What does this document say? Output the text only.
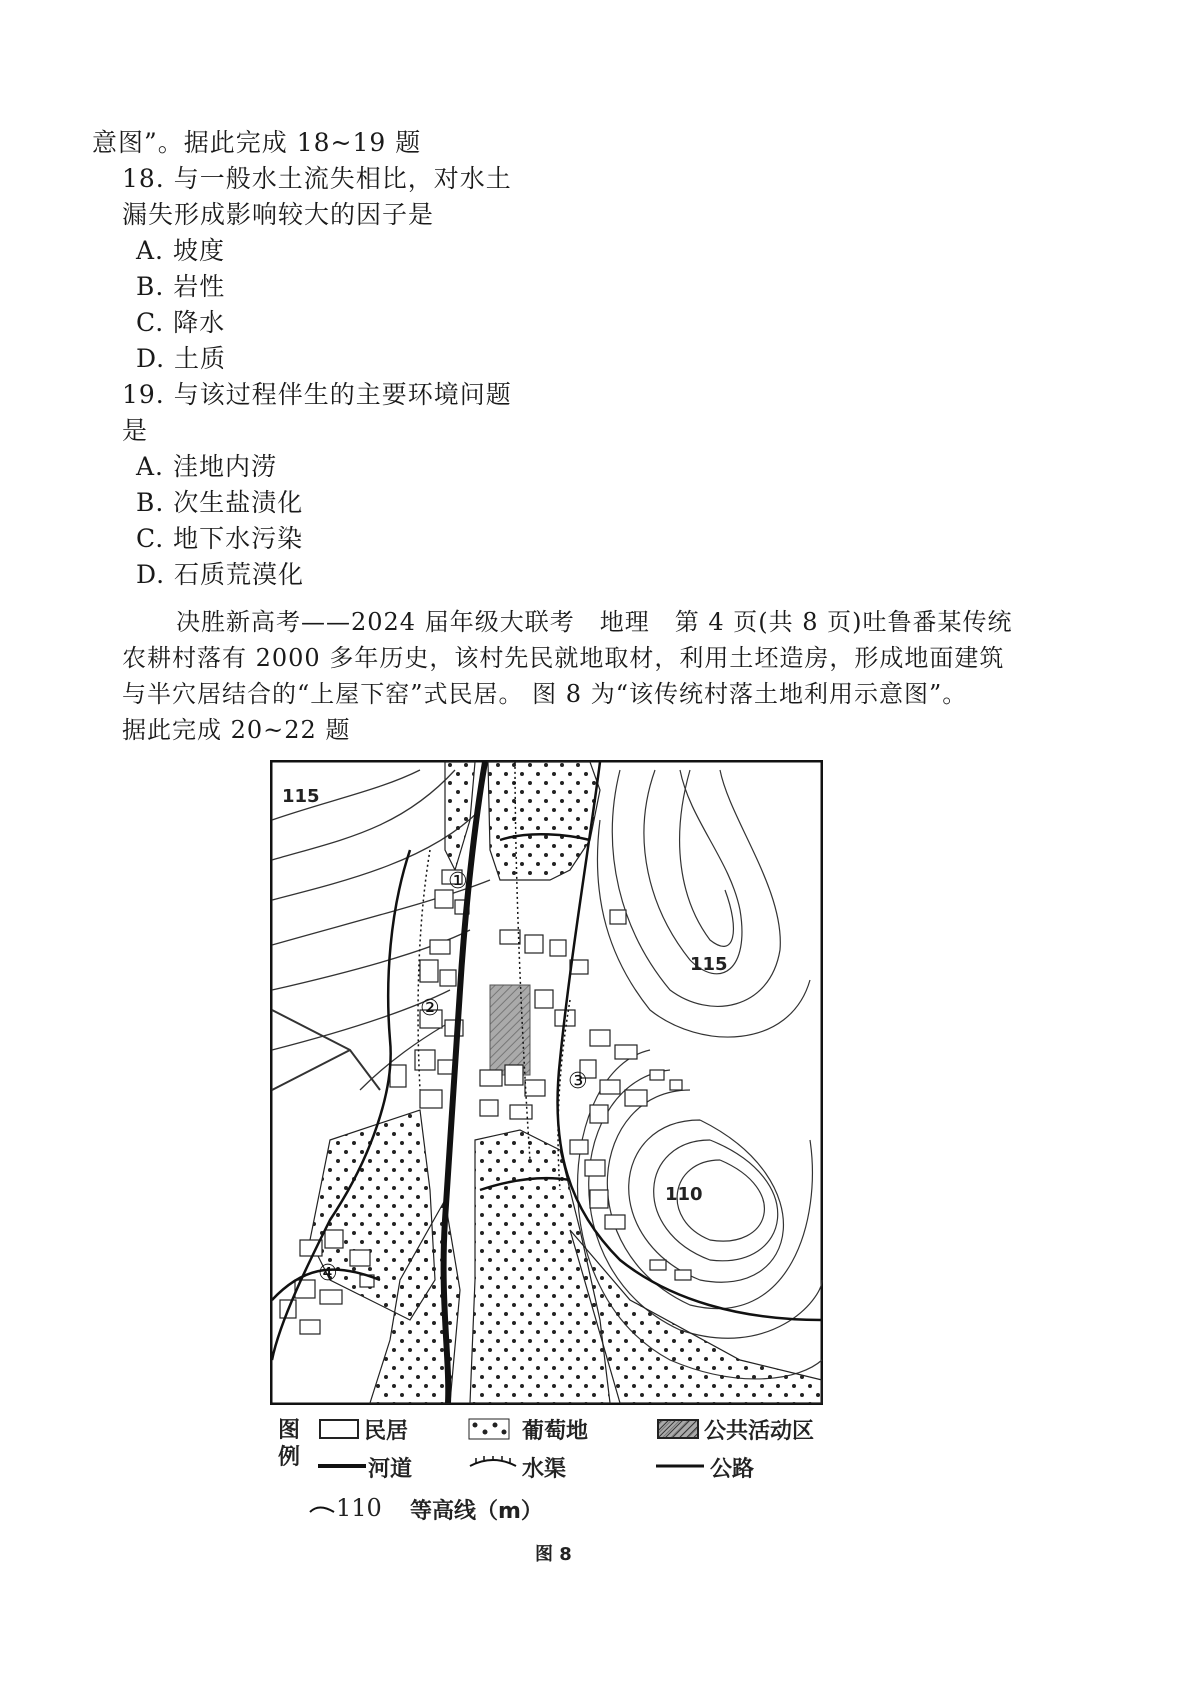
意图”。据此完成 18~19 题
18. 与一般水土流失相比，对水土
漏失形成影响较大的因子是
A. 坡度
B. 岩性
C. 降水
D. 土质
19. 与该过程伴生的主要环境问题
是
A. 洼地内涝
B. 次生盐渍化
C. 地下水污染
D. 石质荒漠化
决胜新高考——2024 届年级大联考　地理　第 4 页(共 8 页)吐鲁番某传统
农耕村落有 2000 多年历史，该村先民就地取材，利用土坯造房，形成地面建筑
与半穴居结合的“上屋下窑”式民居。 图 8 为“该传统村落土地利用示意图”。
据此完成 20~22 题
115
115
110
①
②
③
④
图
例
民居	葡萄地	公共活动区
河道	水渠	公路
110 等高线（m）
图 8
